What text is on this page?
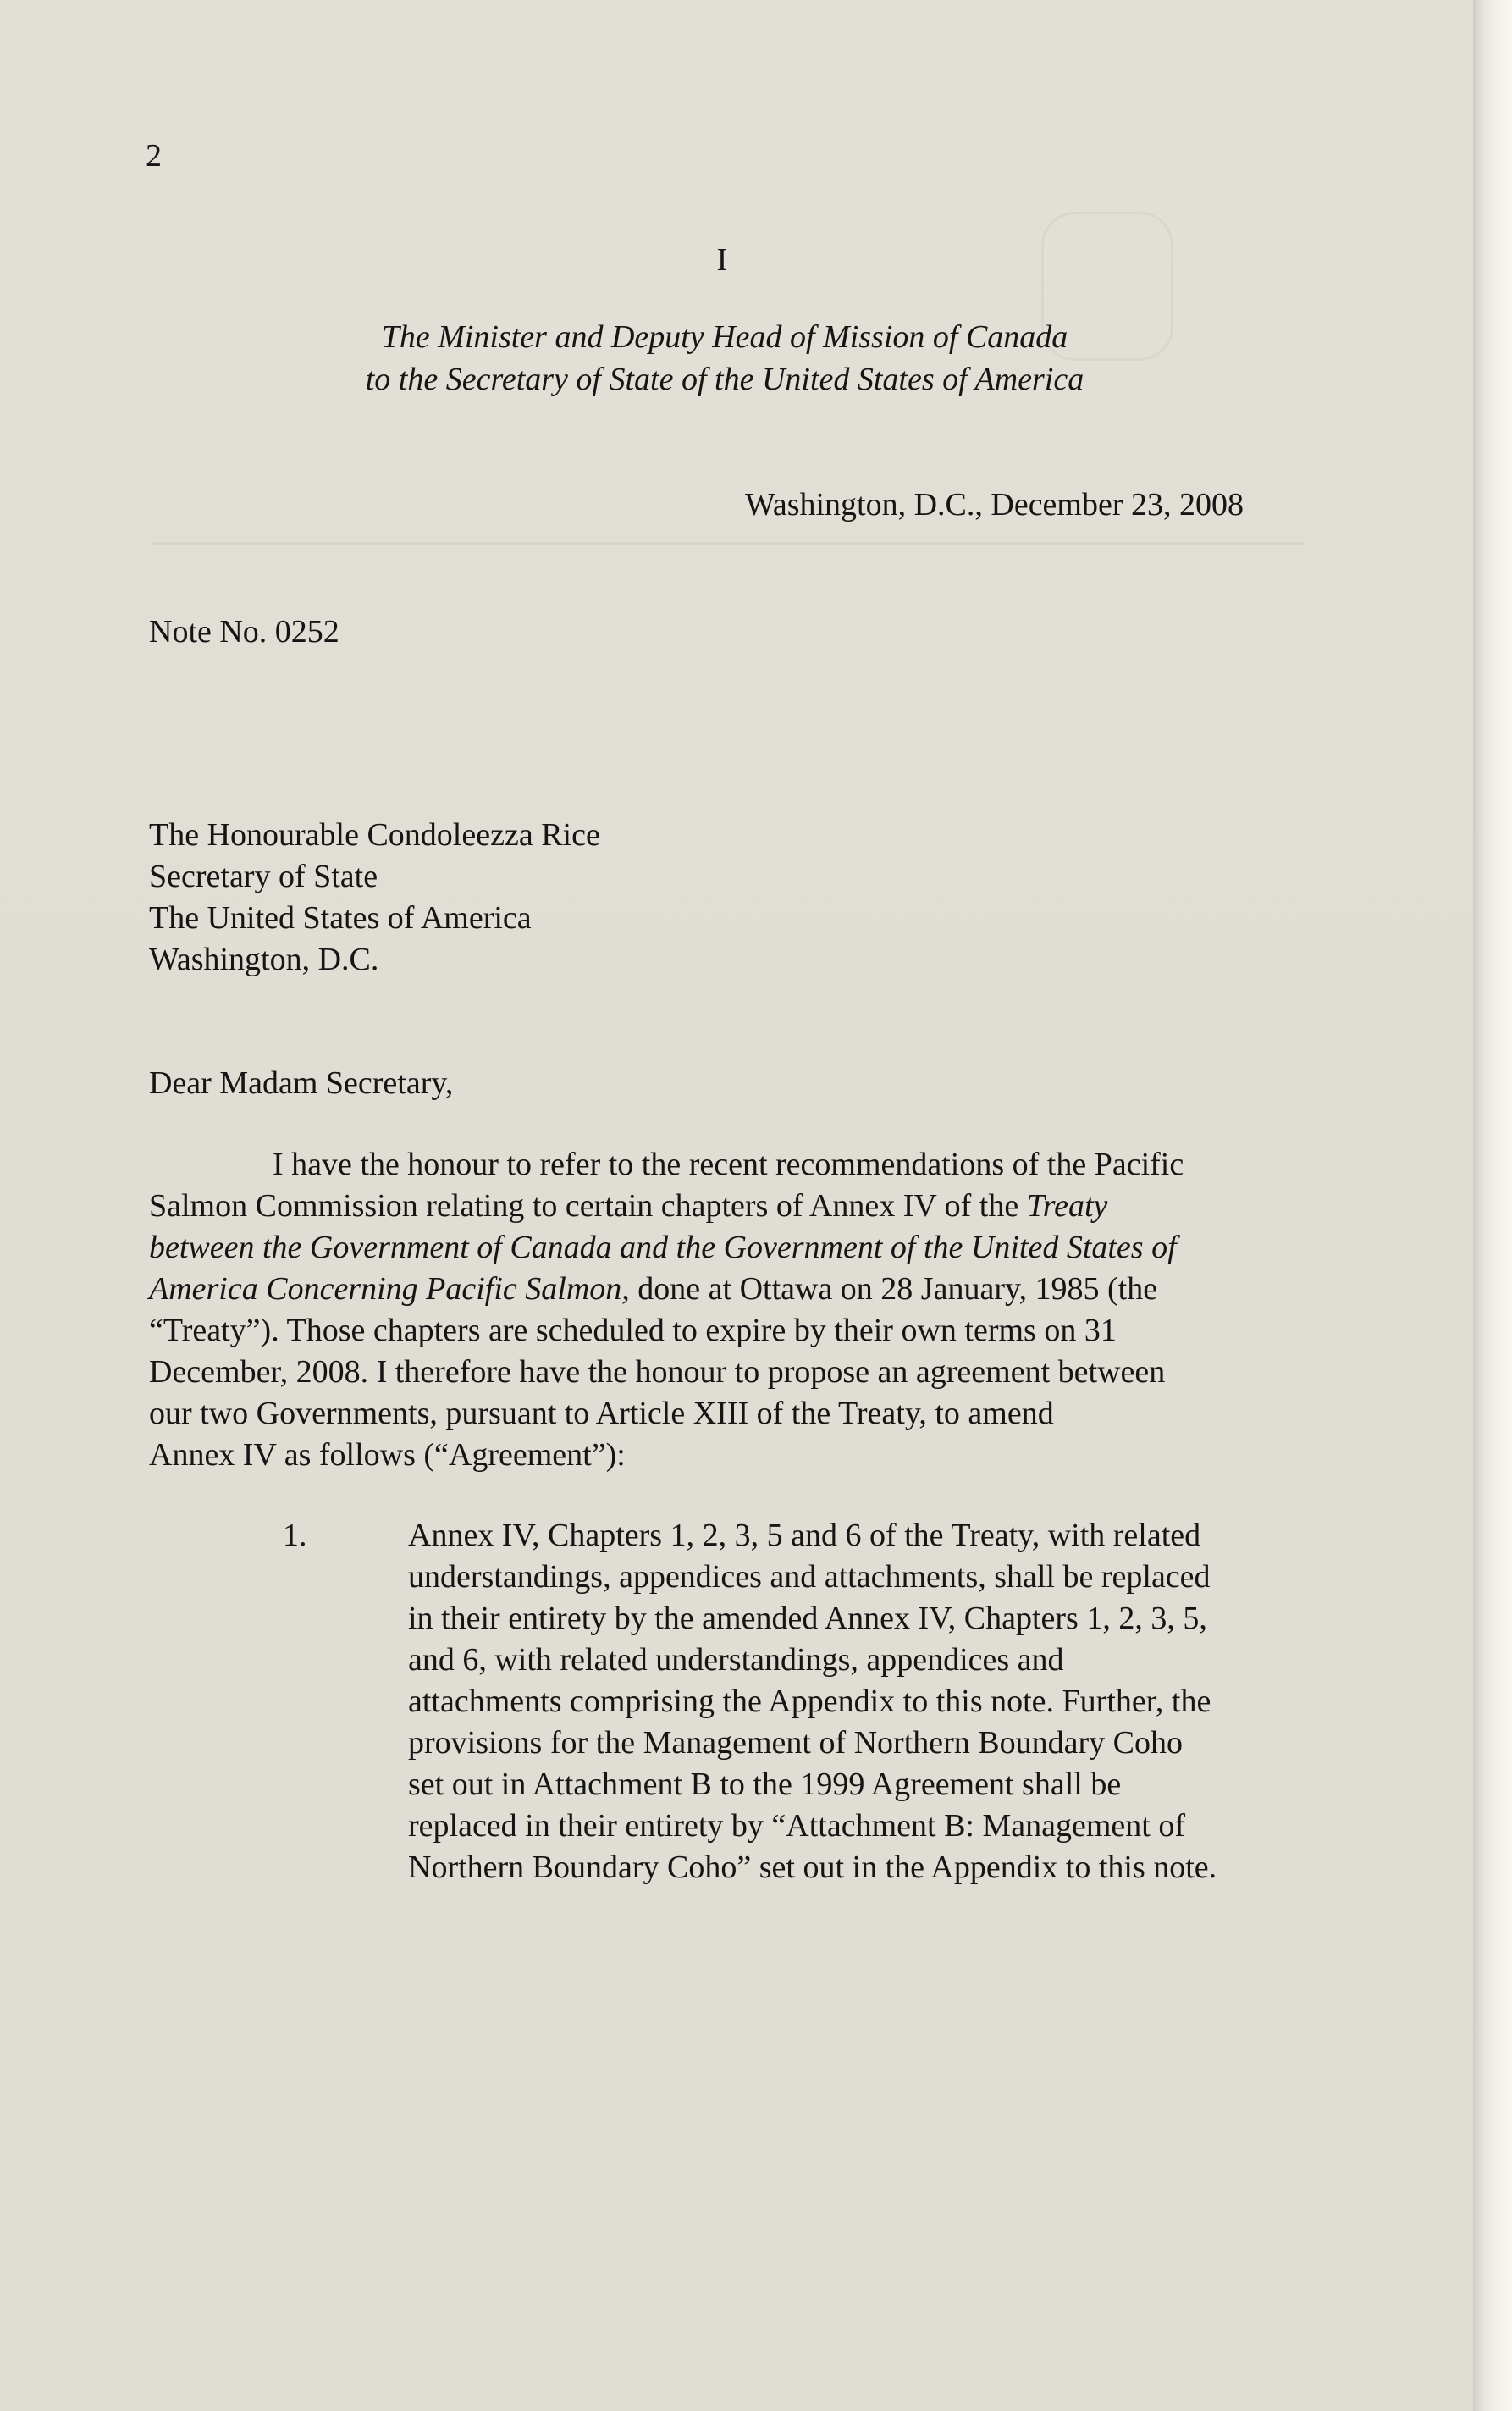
2
I
The Minister and Deputy Head of Mission of Canada
to the Secretary of State of the United States of America
Washington, D.C., December 23, 2008
Note No. 0252
The Honourable Condoleezza Rice
Secretary of State
The United States of America
Washington, D.C.
Dear Madam Secretary,
I have the honour to refer to the recent recommendations of the Pacific
Salmon Commission relating to certain chapters of Annex IV of the Treaty
between the Government of Canada and the Government of the United States of
America Concerning Pacific Salmon, done at Ottawa on 28 January, 1985 (the
“Treaty”). Those chapters are scheduled to expire by their own terms on 31
December, 2008. I therefore have the honour to propose an agreement between
our two Governments, pursuant to Article XIII of the Treaty, to amend
Annex IV as follows (“Agreement”):
1.	Annex IV, Chapters 1, 2, 3, 5 and 6 of the Treaty, with related
understandings, appendices and attachments, shall be replaced
in their entirety by the amended Annex IV, Chapters 1, 2, 3, 5,
and 6, with related understandings, appendices and
attachments comprising the Appendix to this note. Further, the
provisions for the Management of Northern Boundary Coho
set out in Attachment B to the 1999 Agreement shall be
replaced in their entirety by “Attachment B: Management of
Northern Boundary Coho” set out in the Appendix to this note.
